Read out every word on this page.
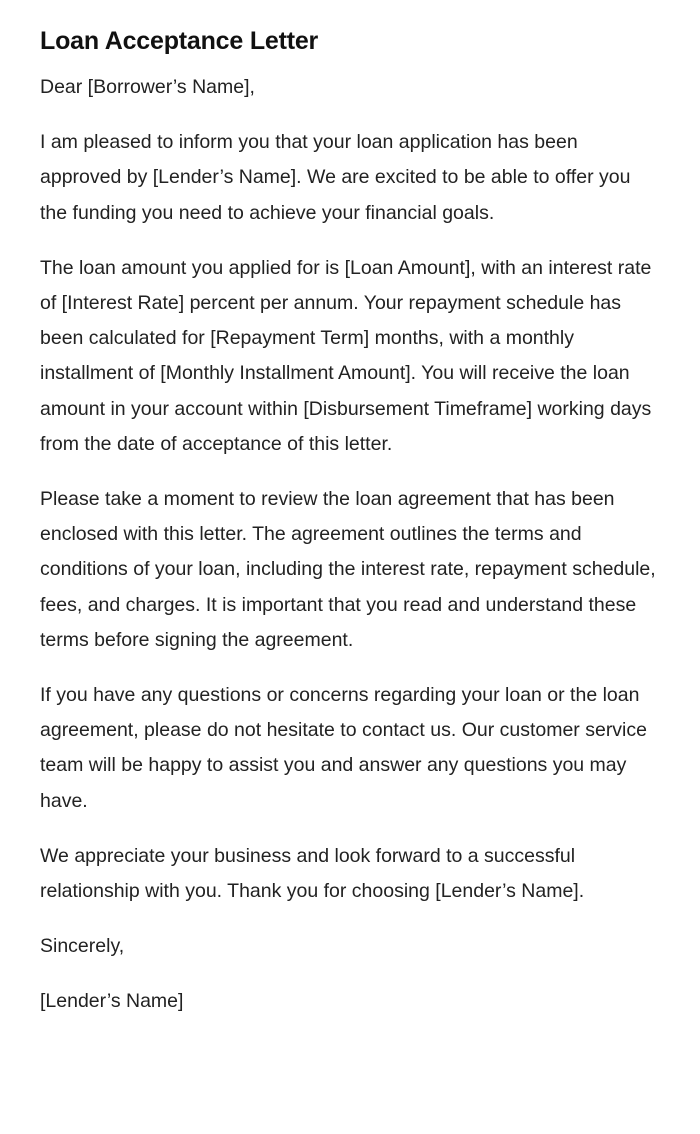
Loan Acceptance Letter

Dear [Borrower’s Name],

I am pleased to inform you that your loan application has been approved by [Lender’s Name]. We are excited to be able to offer you the funding you need to achieve your financial goals.

The loan amount you applied for is [Loan Amount], with an interest rate of [Interest Rate] percent per annum. Your repayment schedule has been calculated for [Repayment Term] months, with a monthly installment of [Monthly Installment Amount]. You will receive the loan amount in your account within [Disbursement Timeframe] working days from the date of acceptance of this letter.

Please take a moment to review the loan agreement that has been enclosed with this letter. The agreement outlines the terms and conditions of your loan, including the interest rate, repayment schedule, fees, and charges. It is important that you read and understand these terms before signing the agreement.

If you have any questions or concerns regarding your loan or the loan agreement, please do not hesitate to contact us. Our customer service team will be happy to assist you and answer any questions you may have.

We appreciate your business and look forward to a successful relationship with you. Thank you for choosing [Lender’s Name].

Sincerely,

[Lender’s Name]
